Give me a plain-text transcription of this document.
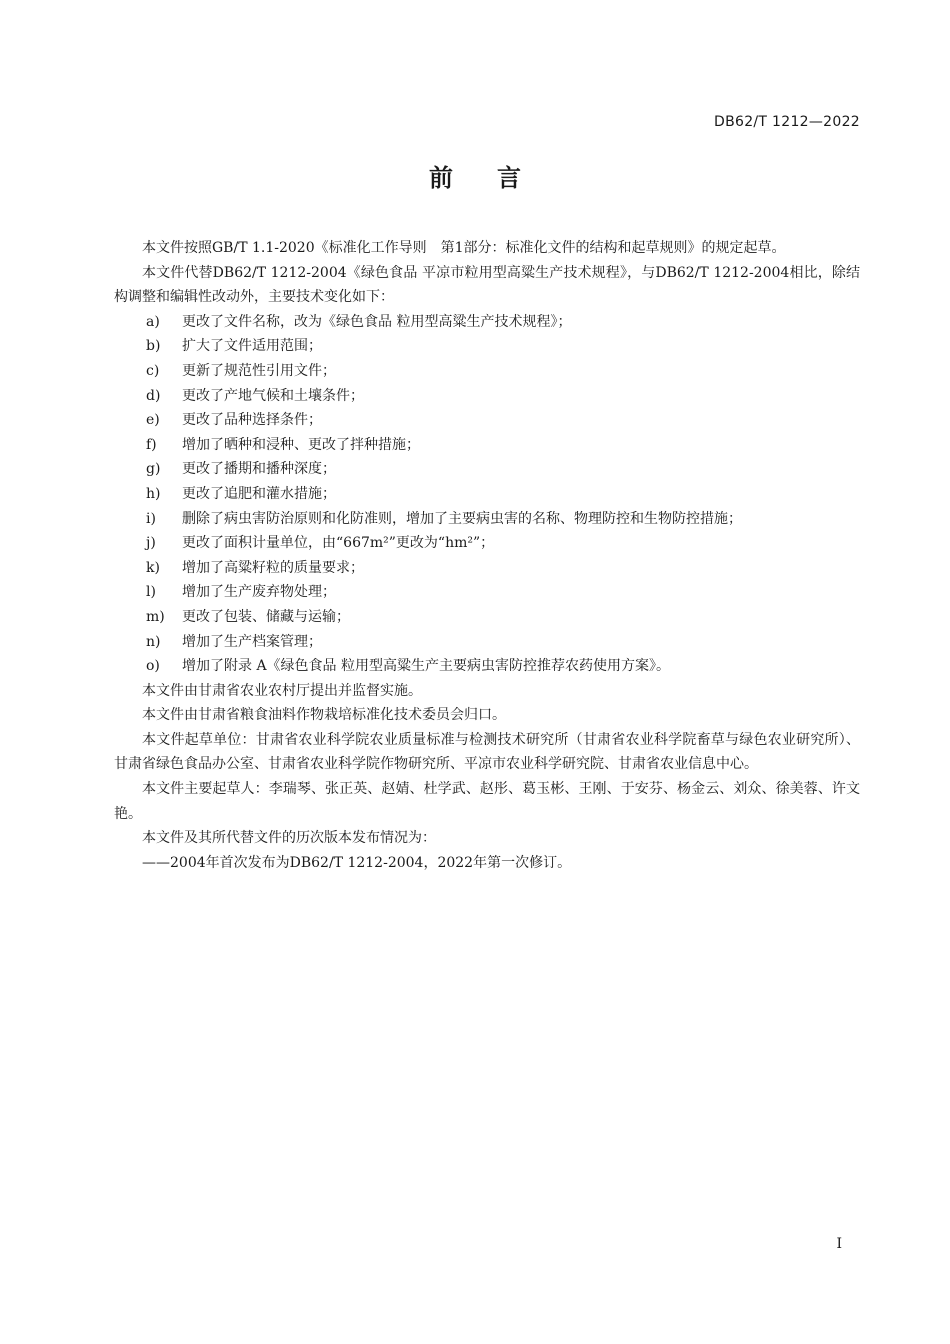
DB62/T 1212—2022
前 言

本文件按照GB/T 1.1-2020《标准化工作导则　第1部分：标准化文件的结构和起草规则》的规定起草。

本文件代替DB62/T 1212-2004《绿色食品 平凉市粒用型高粱生产技术规程》，与DB62/T 1212-2004相比，除结构调整和编辑性改动外，主要技术变化如下：

a) 更改了文件名称，改为《绿色食品 粒用型高粱生产技术规程》；

b) 扩大了文件适用范围；

c) 更新了规范性引用文件；

d) 更改了产地气候和土壤条件；

e) 更改了品种选择条件；

f) 增加了晒种和浸种、更改了拌种措施；

g) 更改了播期和播种深度；

h) 更改了追肥和灌水措施；

i) 删除了病虫害防治原则和化防准则，增加了主要病虫害的名称、物理防控和生物防控措施；

j) 更改了面积计量单位，由“667m²”更改为“hm²”；

k) 增加了高粱籽粒的质量要求；

l) 增加了生产废弃物处理；

m) 更改了包装、储藏与运输；

n) 增加了生产档案管理；

o) 增加了附录 A《绿色食品 粒用型高粱生产主要病虫害防控推荐农药使用方案》。

本文件由甘肃省农业农村厅提出并监督实施。

本文件由甘肃省粮食油料作物栽培标准化技术委员会归口。

本文件起草单位：甘肃省农业科学院农业质量标准与检测技术研究所（甘肃省农业科学院畜草与绿色农业研究所）、甘肃省绿色食品办公室、甘肃省农业科学院作物研究所、平凉市农业科学研究院、甘肃省农业信息中心。

本文件主要起草人：李瑞琴、张正英、赵婧、杜学武、赵彤、葛玉彬、王刚、于安芬、杨金云、刘众、徐美蓉、许文艳。

本文件及其所代替文件的历次版本发布情况为：

——2004年首次发布为DB62/T 1212-2004，2022年第一次修订。

I
